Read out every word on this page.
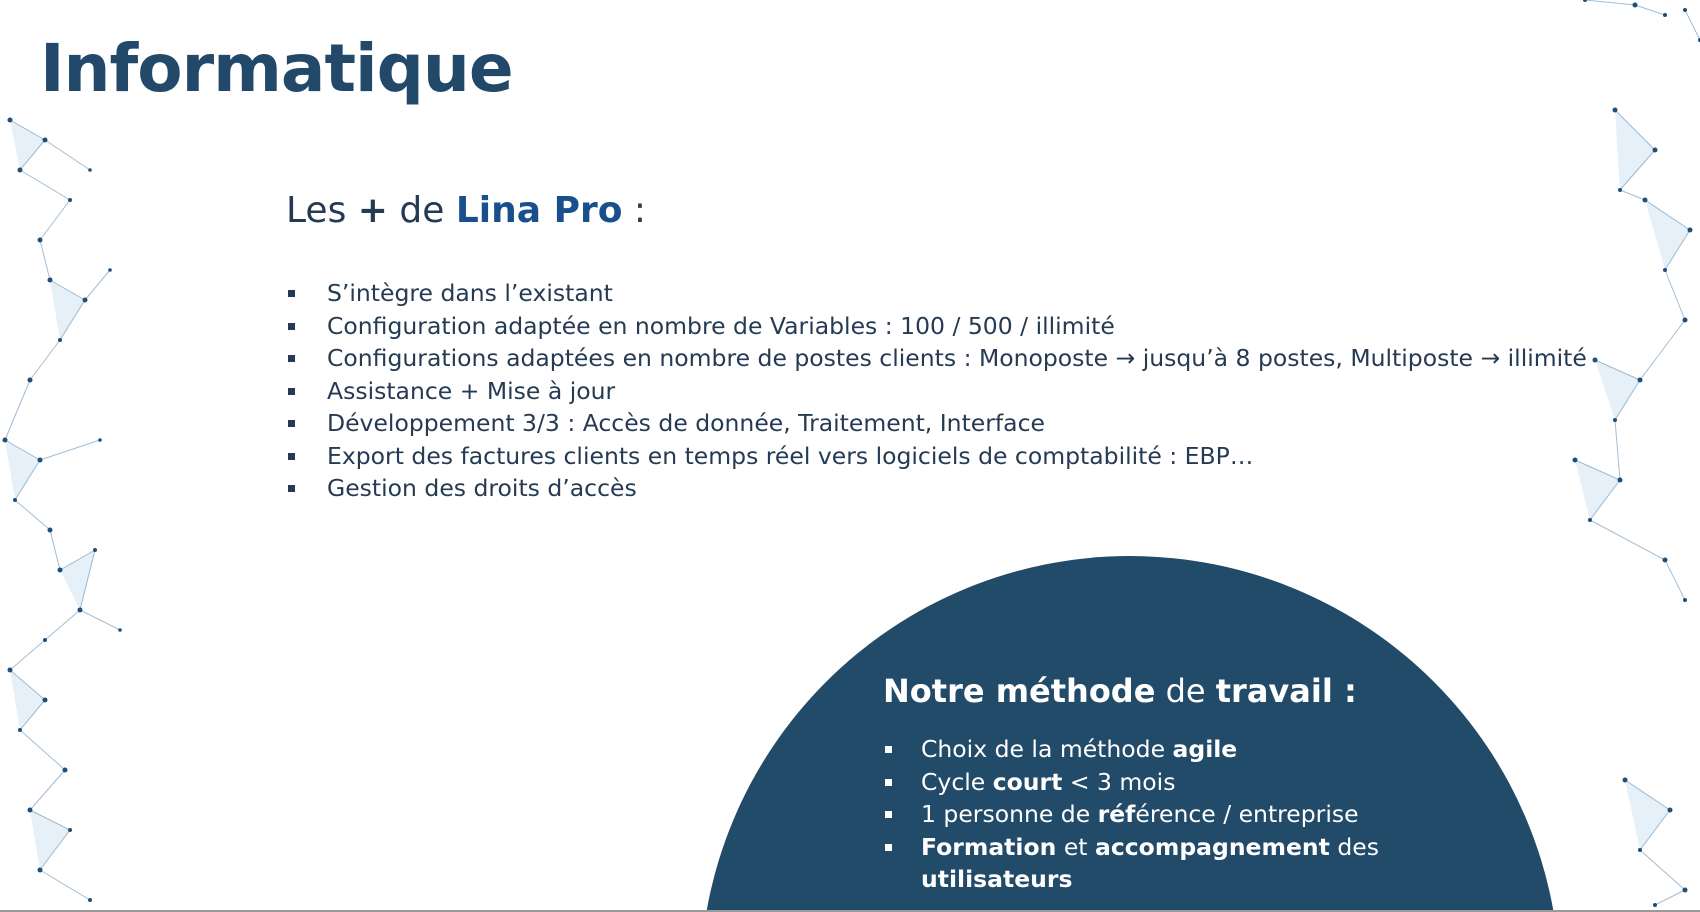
Informatique
Les + de Lina Pro :
S’intègre dans l’existant
Configuration adaptée en nombre de Variables : 100 / 500 / illimité
Configurations adaptées en nombre de postes clients : Monoposte → jusqu’à 8 postes, Multiposte → illimité
Assistance + Mise à jour
Développement 3/3 : Accès de donnée, Traitement, Interface
Export des factures clients en temps réel vers logiciels de comptabilité : EBP…
Gestion des droits d’accès
Notre méthode de travail :
Choix de la méthode agile
Cycle court < 3 mois
1 personne de référence / entreprise
Formation et accompagnement des utilisateurs
